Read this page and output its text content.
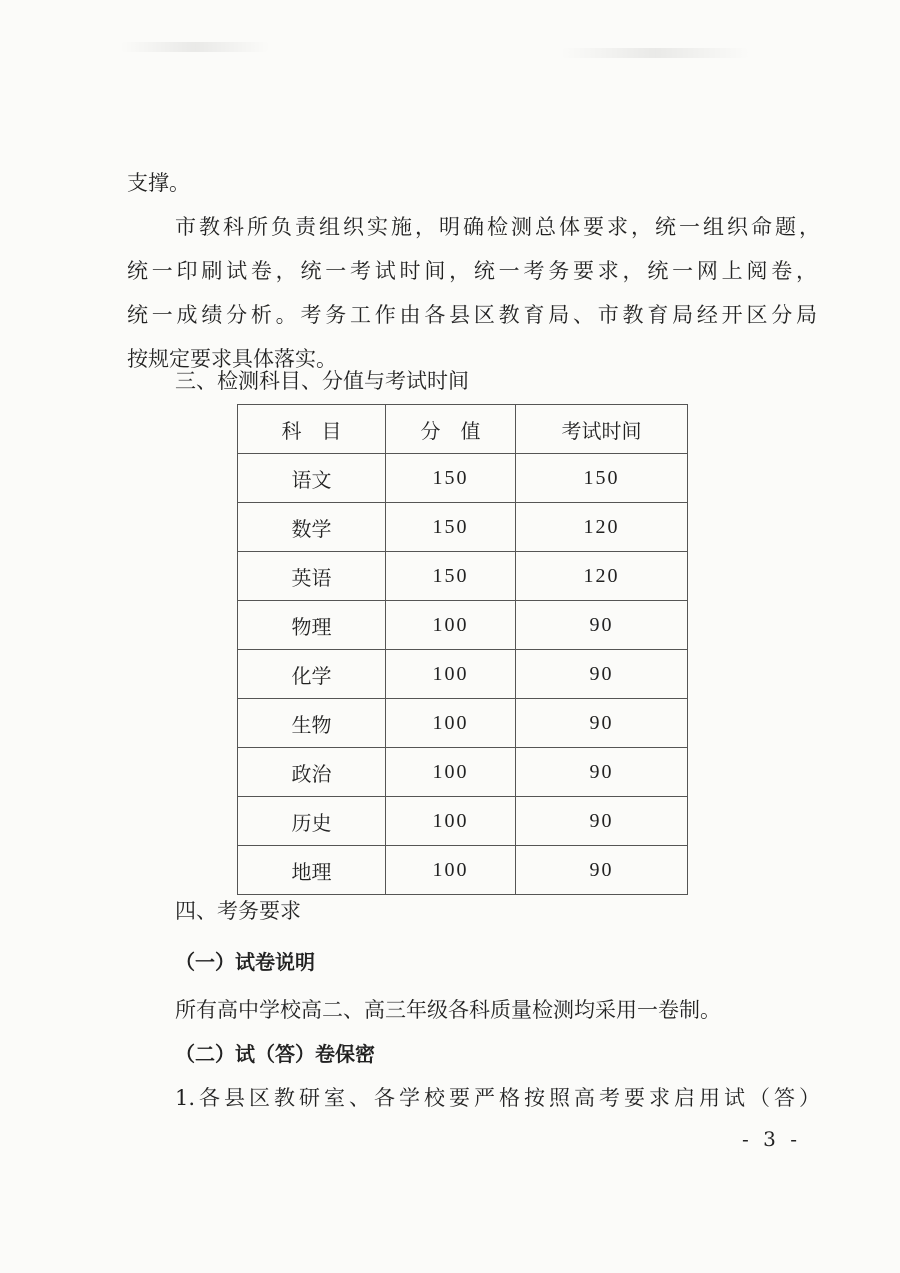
支撑。

市教科所负责组织实施，明确检测总体要求，统一组织命题，

统一印刷试卷，统一考试时间，统一考务要求，统一网上阅卷，

统一成绩分析。考务工作由各县区教育局、市教育局经开区分局

按规定要求具体落实。

三、检测科目、分值与考试时间

科　目	分　值	考试时间
语文	150	150
数学	150	120
英语	150	120
物理	100	90
化学	100	90
生物	100	90
政治	100	90
历史	100	90
地理	100	90

四、考务要求

（一）试卷说明

所有高中学校高二、高三年级各科质量检测均采用一卷制。

（二）试（答）卷保密

1.各县区教研室、各学校要严格按照高考要求启用试（答）

- 3 -
